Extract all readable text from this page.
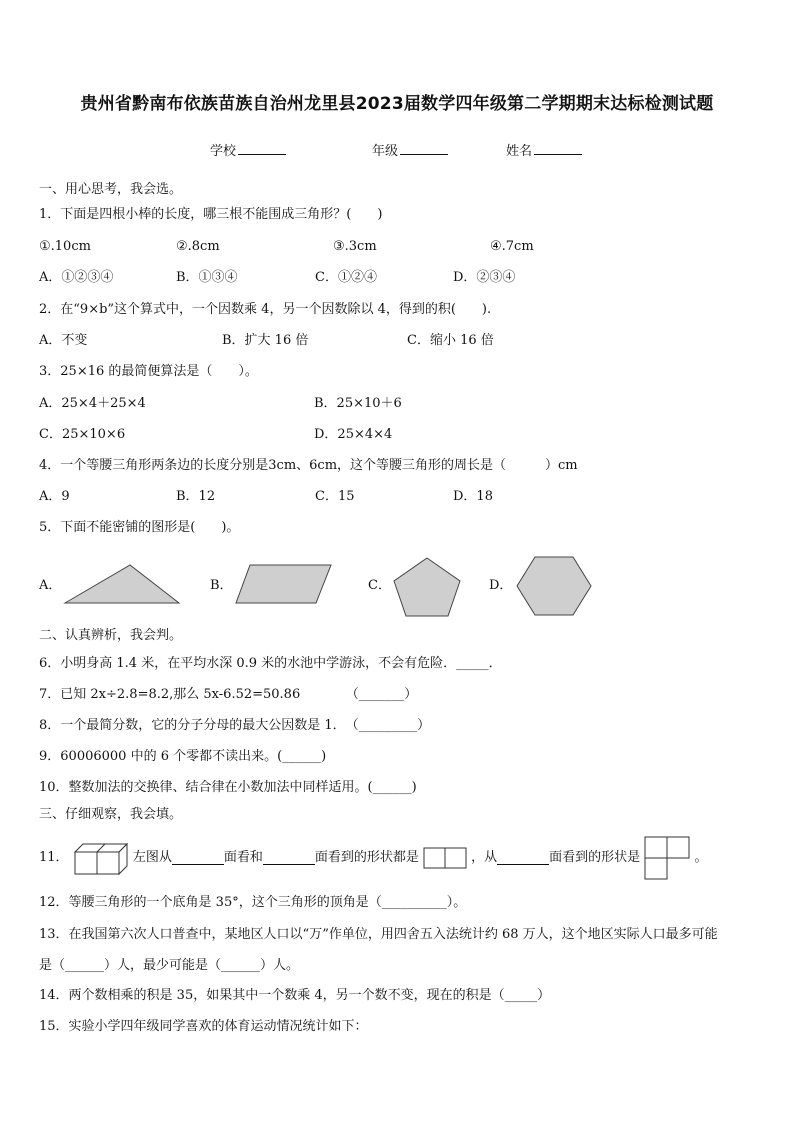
贵州省黔南布依族苗族自治州龙里县2023届数学四年级第二学期期末达标检测试题
学校	年级	姓名
一、用心思考，我会选。
1．下面是四根小棒的长度，哪三根不能围成三角形？(　　)
①.10cm	②.8cm	③.3cm	④.7cm
A．①②③④	B．①③④	C．①②④	D．②③④
2．在“9×b”这个算式中，一个因数乘 4，另一个因数除以 4，得到的积(　　).
A．不变	B．扩大 16 倍	C．缩小 16 倍
3．25×16 的最简便算法是（　　）。
A．25×4＋25×4	B．25×10＋6
C．25×10×6	D．25×4×4
4．一个等腰三角形两条边的长度分别是3cm、6cm，这个等腰三角形的周长是（　　　）cm
A．9	B．12	C．15	D．18
5．下面不能密铺的图形是(　　)。
A．	B．	C．	D．
二、认真辨析，我会判。
6．小明身高 1.4 米，在平均水深 0.9 米的水池中学游泳，不会有危险．_____．
7．已知 2x÷2.8=8.2,那么 5x-6.52=50.86　　　　（_______）
8．一个最简分数，它的分子分母的最大公因数是 1．　（_________）
9．60006000 中的 6 个零都不读出来。(______)
10．整数加法的交换律、结合律在小数加法中同样适用。(______)
三、仔细观察，我会填。
11．	左图从	面看和	面看到的形状都是	，从	面看到的形状是	。
12．等腰三角形的一个底角是 35°，这个三角形的顶角是（__________）。
13．在我国第六次人口普查中，某地区人口以“万”作单位，用四舍五入法统计约 68 万人，这个地区实际人口最多可能
是（______）人，最少可能是（______）人。
14．两个数相乘的积是 35，如果其中一个数乘 4，另一个数不变，现在的积是（_____）
15．实验小学四年级同学喜欢的体育运动情况统计如下：
